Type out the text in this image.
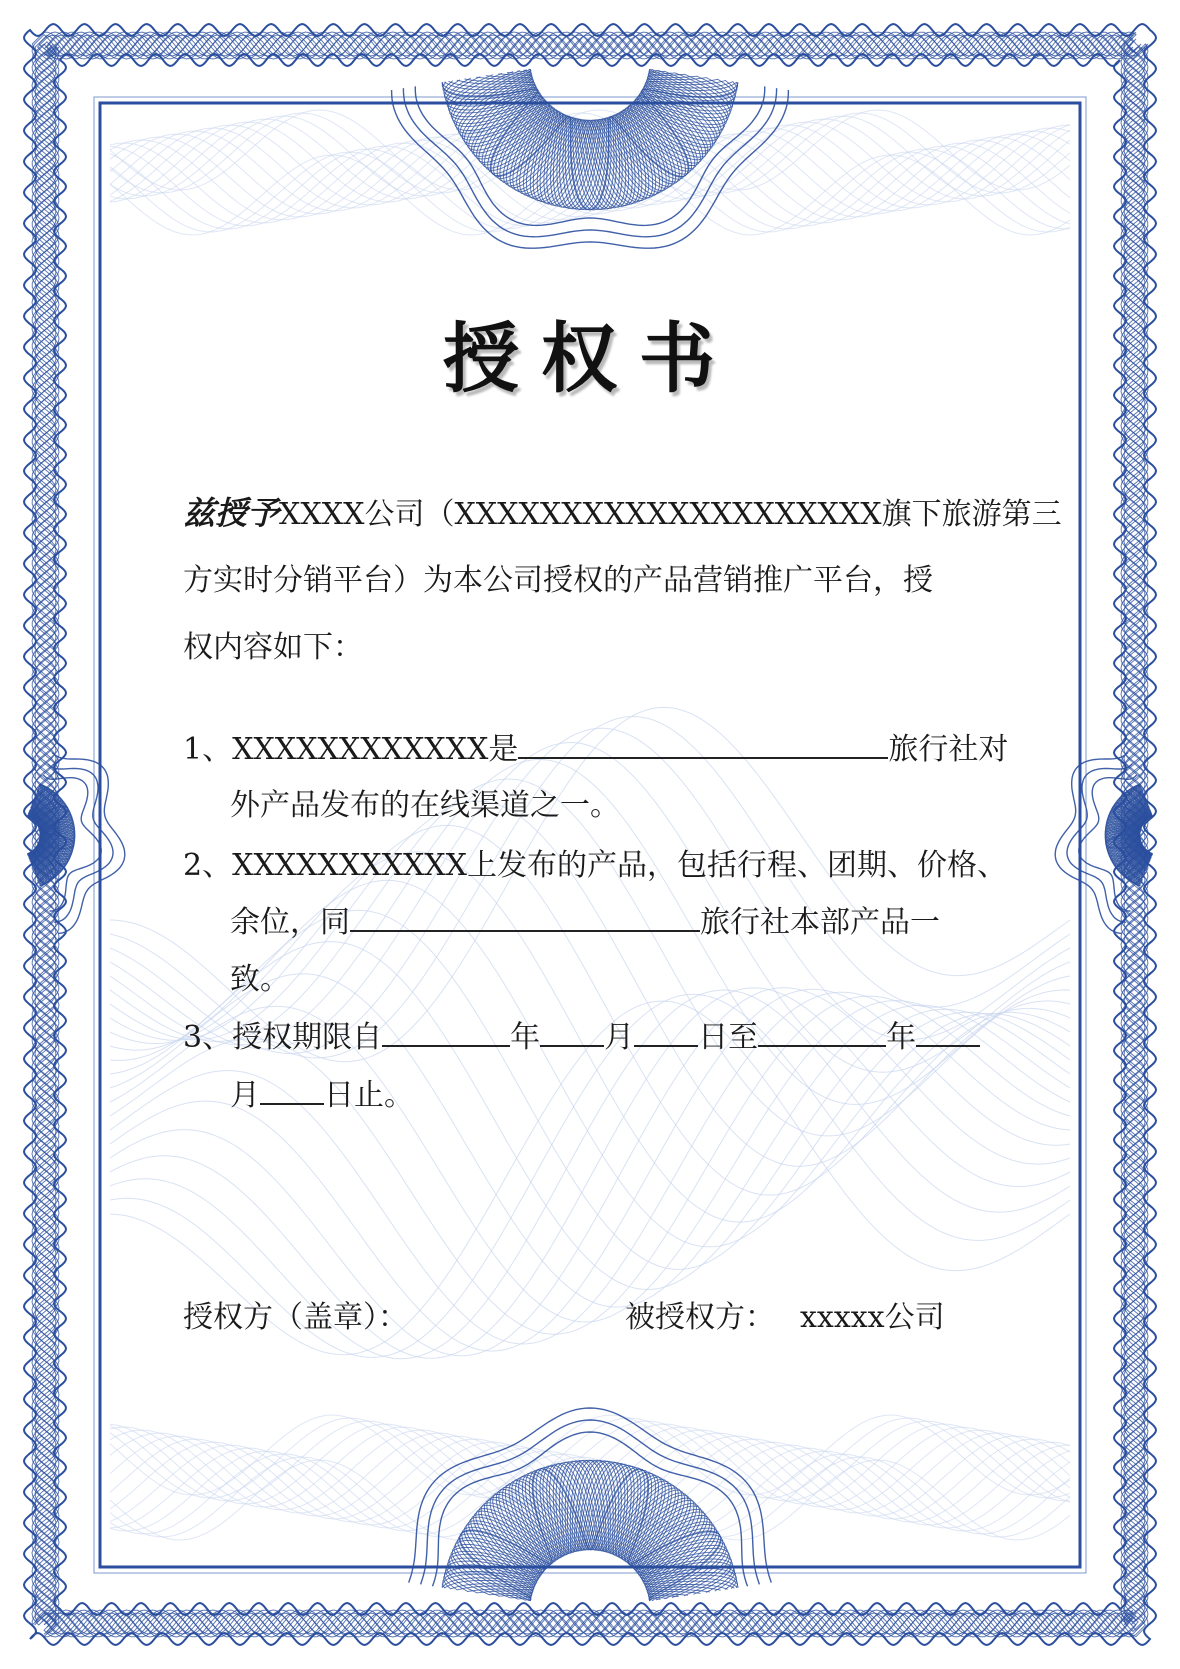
授权书
兹授予XXXX公司（XXXXXXXXXXXXXXXXXXXX旗下旅游第三
方实时分销平台）为本公司授权的产品营销推广平台，授
权内容如下：
1、XXXXXXXXXXXX是	旅行社对
外产品发布的在线渠道之一。
2、XXXXXXXXXXX上发布的产品，包括行程、团期、价格、
余位，同	旅行社本部产品一
致。
3、授权期限自	年 月 日至	年
月 日止。
授权方（盖章）：	被授权方： xxxxx公司
